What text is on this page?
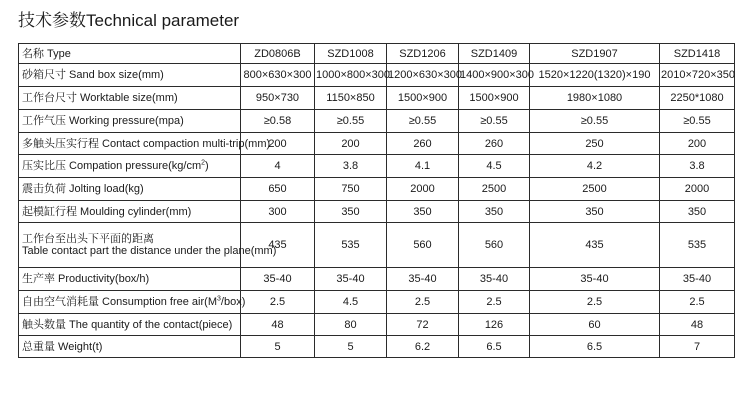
技术参数Technical parameter
名称 Type	ZD0806B	SZD1008	SZD1206	SZD1409	SZD1907	SZD1418
砂箱尺寸 Sand box size(mm)	800×630×300	1000×800×300	1200×630×300	1400×900×300	1520×1220(1320)×190	2010×720×350
工作台尺寸 Worktable size(mm)	950×730	1150×850	1500×900	1500×900	1980×1080	2250*1080
工作气压 Working pressure(mpa)	≥0.58	≥0.55	≥0.55	≥0.55	≥0.55	≥0.55
多触头压实行程 Contact compaction multi-trip(mm)	200	200	260	260	250	200
压实比压 Compation $pressure(kg/cm^2)$	4	3.8	4.1	4.5	4.2	3.8
震击负荷 Jolting load(kg)	650	750	2000	2500	2500	2000
起模缸行程 Moulding cylinder(mm)	300	350	350	350	350	350
工作台至出头下平面的距离
Table contact part the distance under the plane(mm)	435	535	560	560	435	535
生产率 Productivity(box/h)	35-40	35-40	35-40	35-40	35-40	35-40
自由空气消耗量 Consumption free $air(M^3/box)$	2.5	4.5	2.5	2.5	2.5	2.5
触头数量 The quantity of the contact(piece)	48	80	72	126	60	48
总重量 Weight(t)	5	5	6.2	6.5	6.5	7
